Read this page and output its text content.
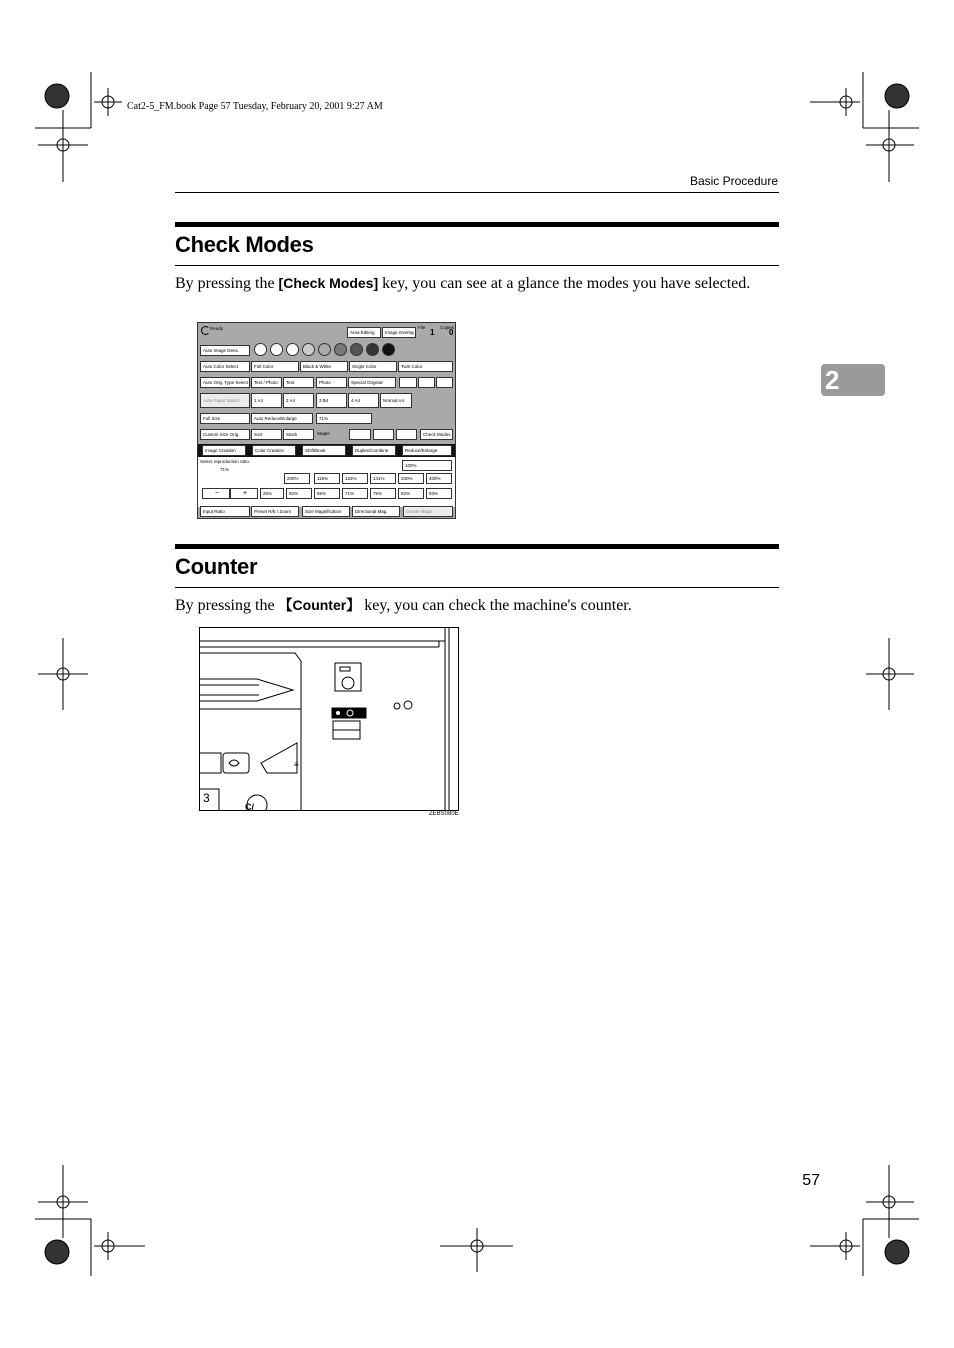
Cat2-5_FM.book Page 57 Tuesday, February 20, 2001 9:27 AM
Basic Procedure
2
Check Modes
By pressing the [Check Modes] key, you can see at a glance the modes you have selected.
Ready
Area Editing	Image Overlay
File
1
Copies
0
Auto Image Dens.
Auto Color Select	Full Color	Black & White	Single Color	Twin Color
Auto Orig. Type Select	Text / Photo	Text	Photo	Special Original
Auto Paper Select	1 A4	2 A4	3 B4	4 A4	Normal A4
Full Size	Auto Reduce/Enlarge	71%
Custom Size Orig.	Sort	Stack	Staple	Check Modes
Image Creation	Color Creation	Shift/Book	Duplex/Combine	Reduce/Enlarge
Select reproduction ratio.
71%
100%
−	+
200%	115%	122%	141%	200%	400%
25%	50%	65%	71%	75%	82%	93%
Input Ratio	Preset R/E / Zoom	Size Magnification	Directional Mag.	Create Magn.
Counter
By pressing the 【Counter】 key, you can check the machine's counter.
3
C/
≡
ZEBS080E
57
